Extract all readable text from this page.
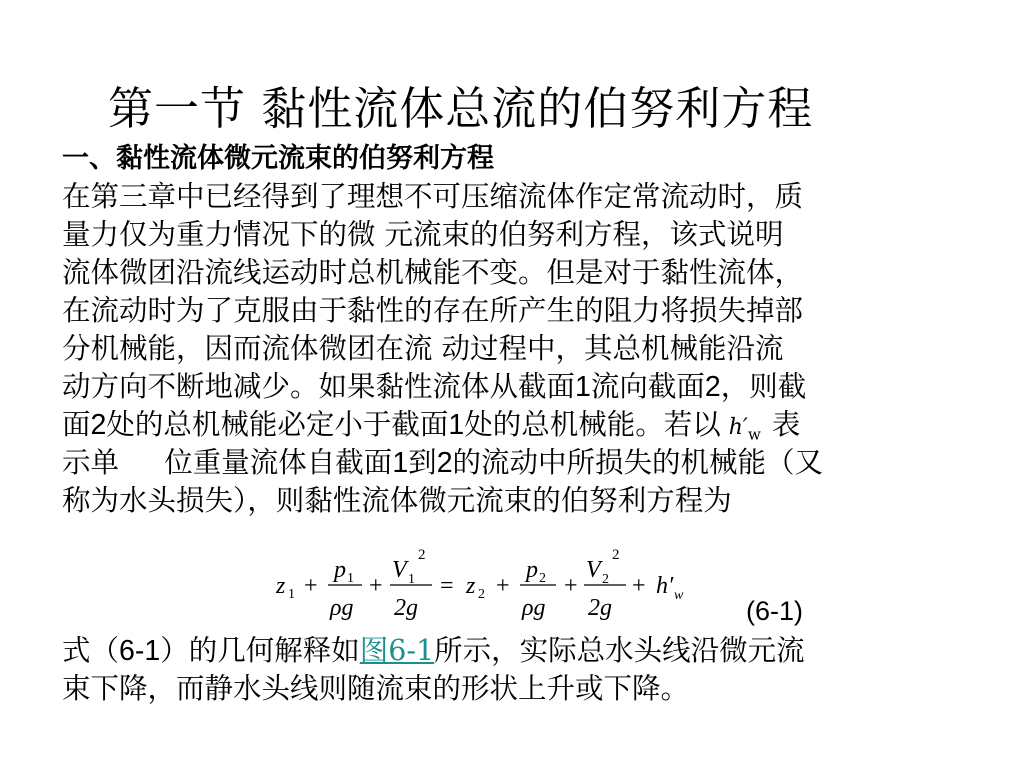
第一节 黏性流体总流的伯努利方程
一、黏性流体微元流束的伯努利方程
在第三章中已经得到了理想不可压缩流体作定常流动时，质
量力仅为重力情况下的微 元流束的伯努利方程，该式说明
流体微团沿流线运动时总机械能不变。但是对于黏性流体，
在流动时为了克服由于黏性的存在所产生的阻力将损失掉部
分机械能，因而流体微团在流 动过程中，其总机械能沿流
动方向不断地减少。如果黏性流体从截面1流向截面2，则截
面2处的总机械能必定小于截面1处的总机械能。若以 $h'_w$ 表
示单     位重量流体自截面1到2的流动中所损失的机械能（又
称为水头损失），则黏性流体微元流束的伯努利方程为
z 1 +
p 1
ρg
+
V 1
2
2g
= z 2 +
p 2
ρg
+
V 2
2
2g
+ h′ w
(6-1)
式（6-1）的几何解释如图6-1所示，实际总水头线沿微元流
束下降，而静水头线则随流束的形状上升或下降。
